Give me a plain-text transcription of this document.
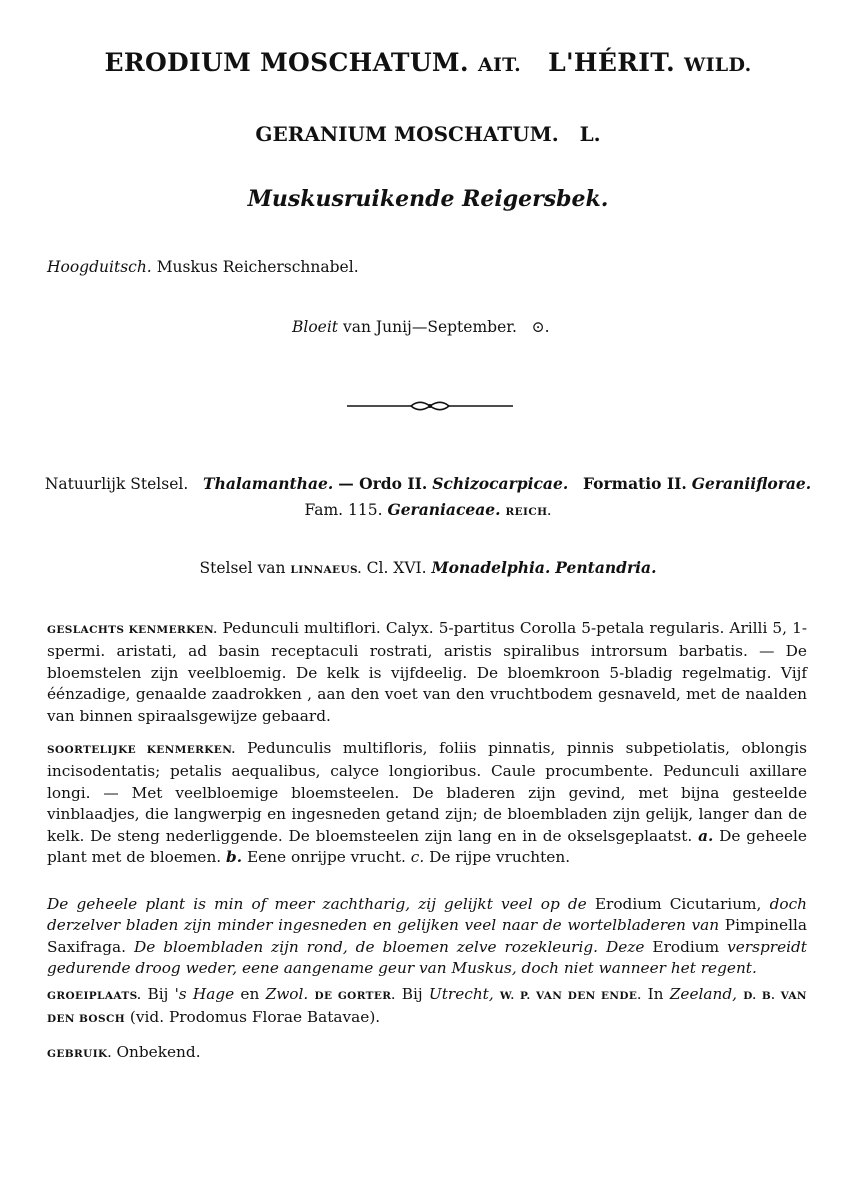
ERODIUM MOSCHATUM. AIT. L'HÉRIT. WILD.
GERANIUM MOSCHATUM. L.
Muskusruikende Reigersbek.
Hoogduitsch. Muskus Reicherschnabel.
Bloeit van Junij—September. ⊙.
Natuurlijk Stelsel. Thalamanthae. — Ordo II. Schizocarpicae. Formatio II. Geraniiflorae.
Fam. 115. Geraniaceae. REICH.
Stelsel van LINNAEUS. Cl. XVI. Monadelphia. Pentandria.
GESLACHTS KENMERKEN. Pedunculi multiflori. Calyx. 5-partitus Corolla 5-petala regularis. Arilli 5, 1-spermi. aristati, ad basin receptaculi rostrati, aristis spiralibus introrsum barbatis. — De bloemstelen zijn veelbloemig. De kelk is vijfdeelig. De bloemkroon 5-bladig regelmatig. Vijf éénzadige, genaalde zaadrokken , aan den voet van den vruchtbodem gesnaveld, met de naalden van binnen spiraalsgewijze gebaard.
SOORTELIJKE KENMERKEN. Pedunculis multifloris, foliis pinnatis, pinnis subpetiolatis, oblongis incisodentatis; petalis aequalibus, calyce longioribus. Caule procumbente. Pedunculi axillare longi. — Met veelbloemige bloemsteelen. De bladeren zijn gevind, met bijna gesteelde vinblaadjes, die langwerpig en ingesneden getand zijn; de bloembladen zijn gelijk, langer dan de kelk. De steng nederliggende. De bloemsteelen zijn lang en in de okselsgeplaatst. a. De geheele plant met de bloemen. b. Eene onrijpe vrucht. c. De rijpe vruchten.
De geheele plant is min of meer zachtharig, zij gelijkt veel op de Erodium Cicutarium, doch derzelver bladen zijn minder ingesneden en gelijken veel naar de wortelbladeren van Pimpinella Saxifraga. De bloembladen zijn rond, de bloemen zelve rozekleurig. Deze Erodium verspreidt gedurende droog weder, eene aangename geur van Muskus, doch niet wanneer het regent.
GROEIPLAATS. Bij 's Hage en Zwol. DE GORTER. Bij Utrecht, W. P. VAN DEN ENDE. In Zeeland, D. B. VAN DEN BOSCH (vid. Prodomus Florae Batavae).
GEBRUIK. Onbekend.
